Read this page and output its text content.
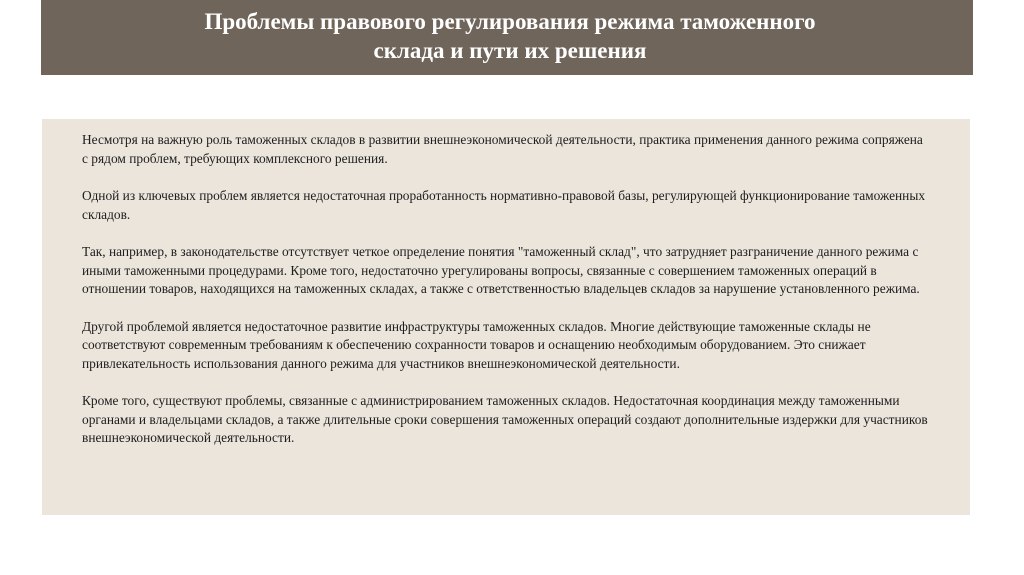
Проблемы правового регулирования режима таможенного
склада и пути их решения

Несмотря на важную роль таможенных складов в развитии внешнеэкономической деятельности, практика применения данного режима сопряжена с рядом проблем, требующих комплексного решения.

Одной из ключевых проблем является недостаточная проработанность нормативно-правовой базы, регулирующей функционирование таможенных складов.

Так, например, в законодательстве отсутствует четкое определение понятия "таможенный склад", что затрудняет разграничение данного режима с иными таможенными процедурами. Кроме того, недостаточно урегулированы вопросы, связанные с совершением таможенных операций в отношении товаров, находящихся на таможенных складах, а также с ответственностью владельцев складов за нарушение установленного режима.

Другой проблемой является недостаточное развитие инфраструктуры таможенных складов. Многие действующие таможенные склады не соответствуют современным требованиям к обеспечению сохранности товаров и оснащению необходимым оборудованием. Это снижает привлекательность использования данного режима для участников внешнеэкономической деятельности.

Кроме того, существуют проблемы, связанные с администрированием таможенных складов. Недостаточная координация между таможенными органами и владельцами складов, а также длительные сроки совершения таможенных операций создают дополнительные издержки для участников внешнеэкономической деятельности.
